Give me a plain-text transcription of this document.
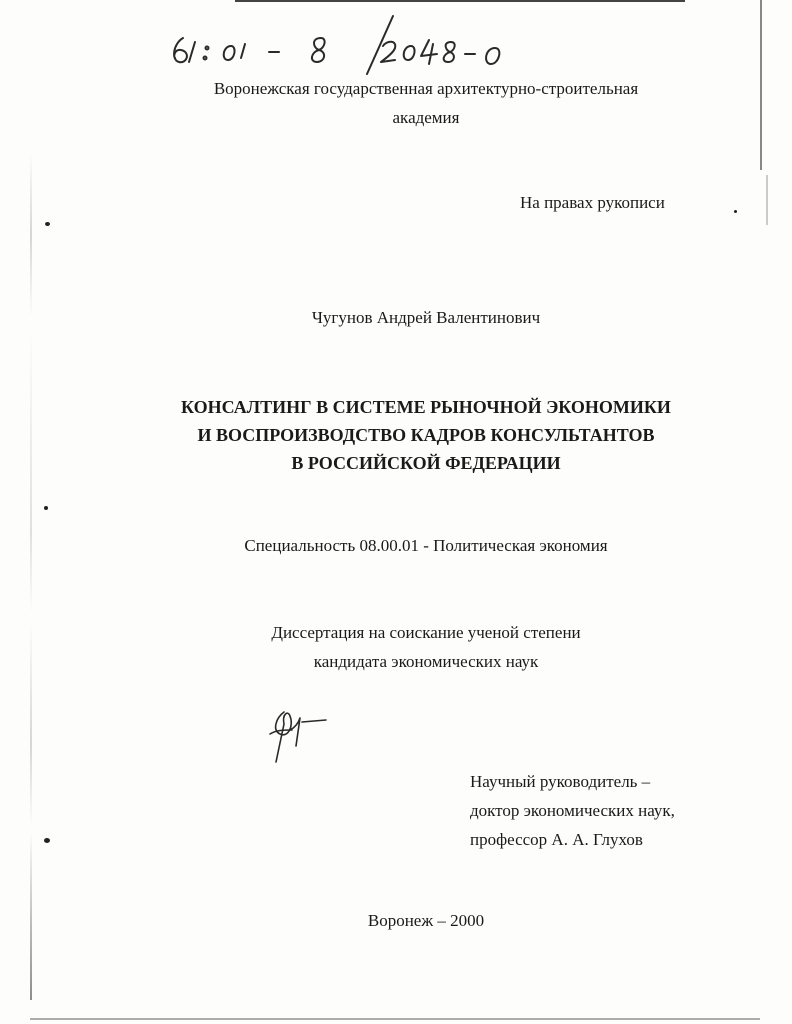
Воронежская государственная архитектурно-строительная
академия
На правах рукописи
Чугунов Андрей Валентинович
КОНСАЛТИНГ В СИСТЕМЕ РЫНОЧНОЙ ЭКОНОМИКИ
И ВОСПРОИЗВОДСТВО КАДРОВ КОНСУЛЬТАНТОВ
В РОССИЙСКОЙ ФЕДЕРАЦИИ
Специальность 08.00.01 - Политическая экономия
Диссертация на соискание ученой степени
кандидата экономических наук
Научный руководитель –
доктор экономических наук,
профессор А. А. Глухов
Воронеж – 2000
